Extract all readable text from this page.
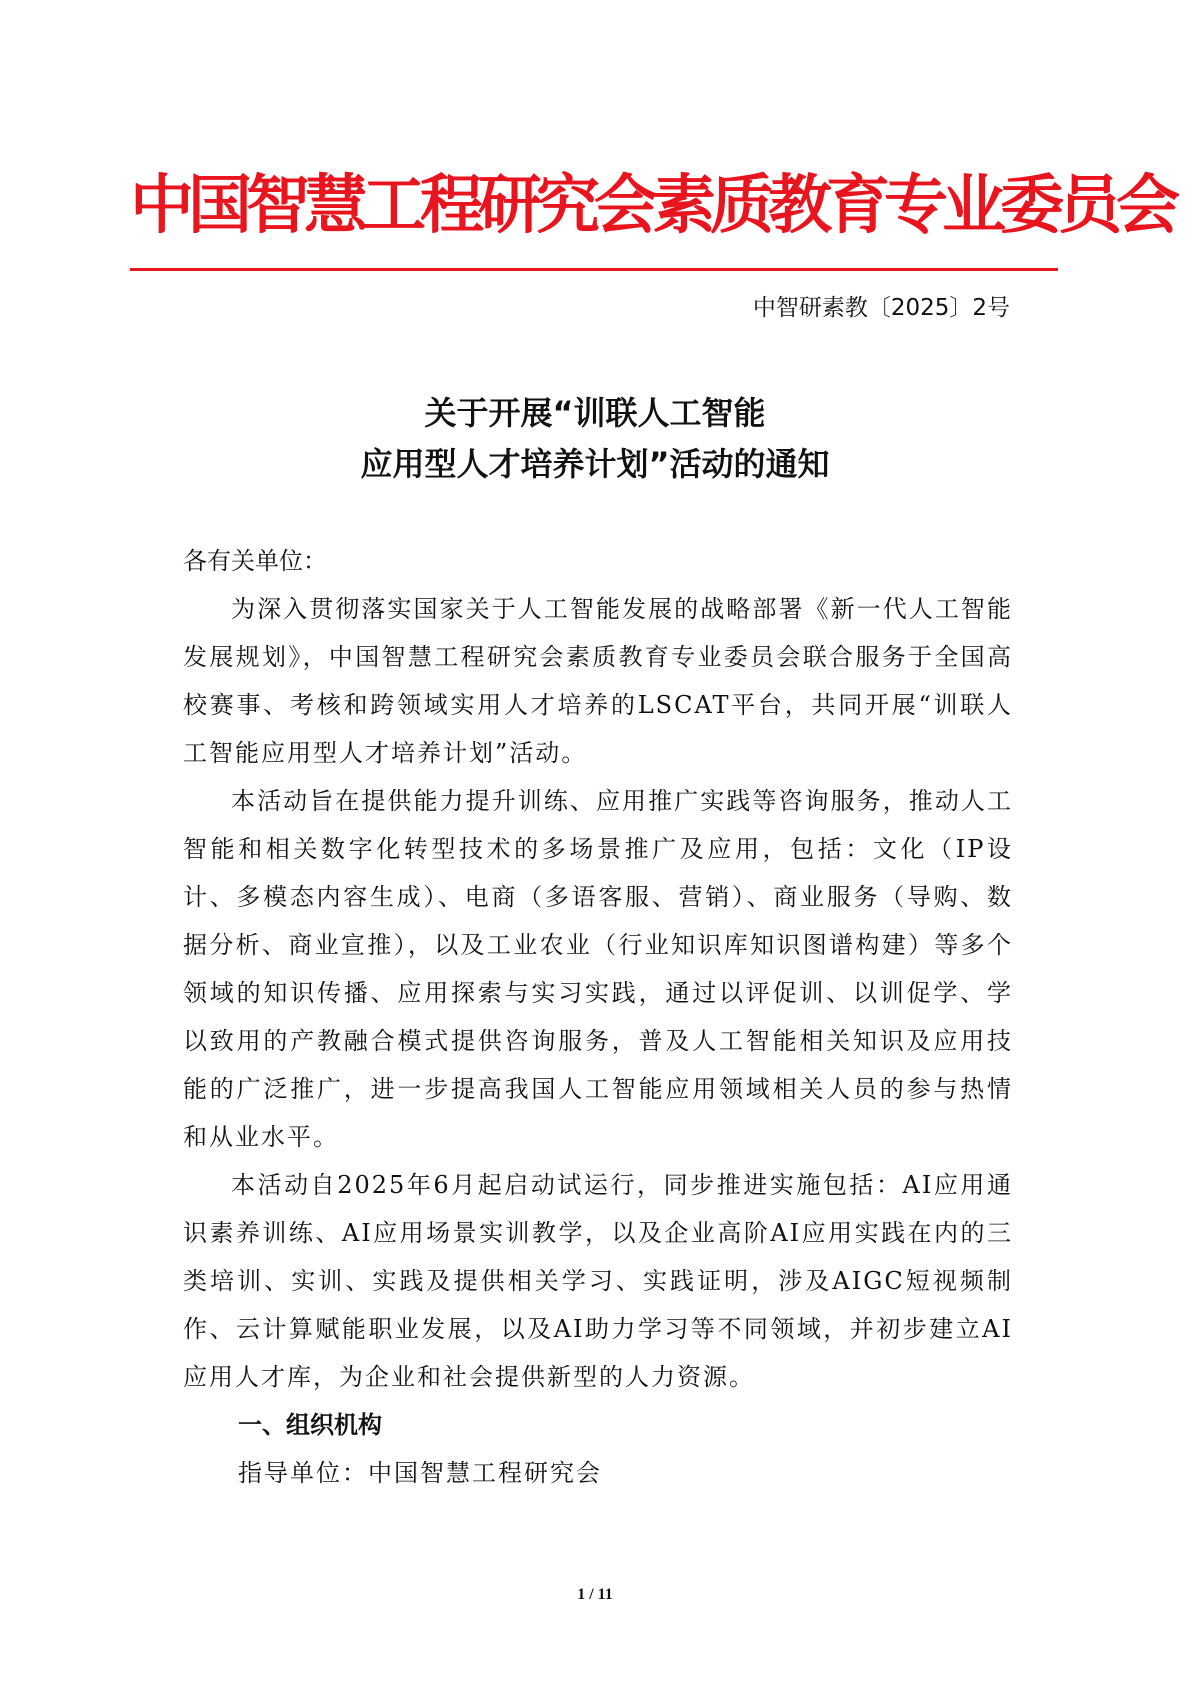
中国智慧工程研究会素质教育专业委员会
中智研素教〔2025〕2号
关于开展“训联人工智能
应用型人才培养计划”活动的通知
各有关单位：

为深入贯彻落实国家关于人工智能发展的战略部署《新一代人工智能发展规划》，中国智慧工程研究会素质教育专业委员会联合服务于全国高校赛事、考核和跨领域实用人才培养的LSCAT平台，共同开展“训联人工智能应用型人才培养计划”活动。

本活动旨在提供能力提升训练、应用推广实践等咨询服务，推动人工智能和相关数字化转型技术的多场景推广及应用，包括：文化（IP设计、多模态内容生成）、电商（多语客服、营销）、商业服务（导购、数据分析、商业宣推），以及工业农业（行业知识库知识图谱构建）等多个领域的知识传播、应用探索与实习实践，通过以评促训、以训促学、学以致用的产教融合模式提供咨询服务，普及人工智能相关知识及应用技能的广泛推广，进一步提高我国人工智能应用领域相关人员的参与热情和从业水平。

本活动自2025年6月起启动试运行，同步推进实施包括：AI应用通识素养训练、AI应用场景实训教学，以及企业高阶AI应用实践在内的三类培训、实训、实践及提供相关学习、实践证明，涉及AIGC短视频制作、云计算赋能职业发展，以及AI助力学习等不同领域，并初步建立AI应用人才库，为企业和社会提供新型的人力资源。

一、组织机构

指导单位：中国智慧工程研究会

1 / 11
